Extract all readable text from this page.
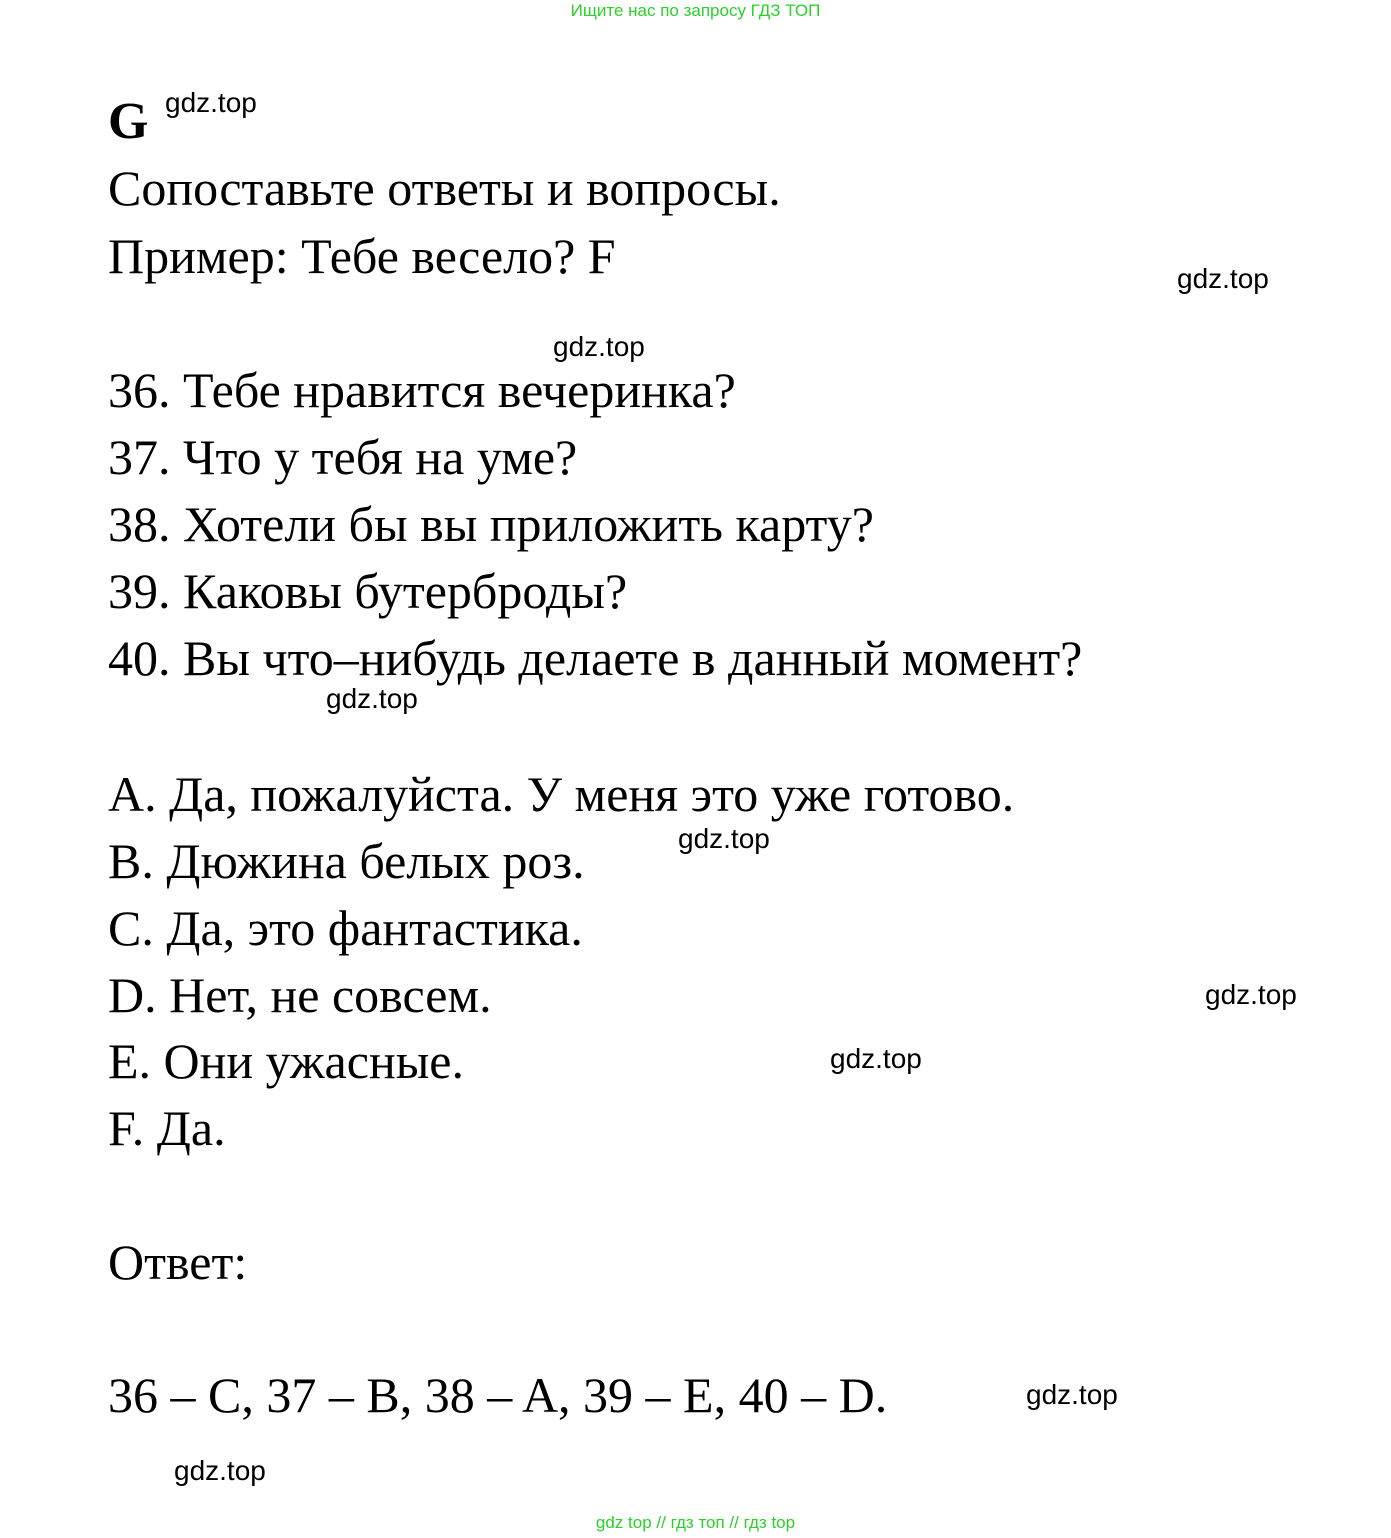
Ищите нас по запросу ГДЗ ТОП
G gdz.top
Сопоставьте ответы и вопросы.
Пример: Тебе весело? F	gdz.top
gdz.top
36. Тебе нравится вечеринка?
37. Что у тебя на уме?
38. Хотели бы вы приложить карту?
39. Каковы бутерброды?
40. Вы что–нибудь делаете в данный момент?
gdz.top
A. Да, пожалуйста. У меня это уже готово.
gdz.top
B. Дюжина белых роз.
C. Да, это фантастика.
D. Нет, не совсем.	gdz.top
gdz.top
E. Они ужасные.
F. Да.
Ответ:
36 – C, 37 – B, 38 – A, 39 – E, 40 – D.	gdz.top
gdz.top
gdz top // гдз топ // гдз top
